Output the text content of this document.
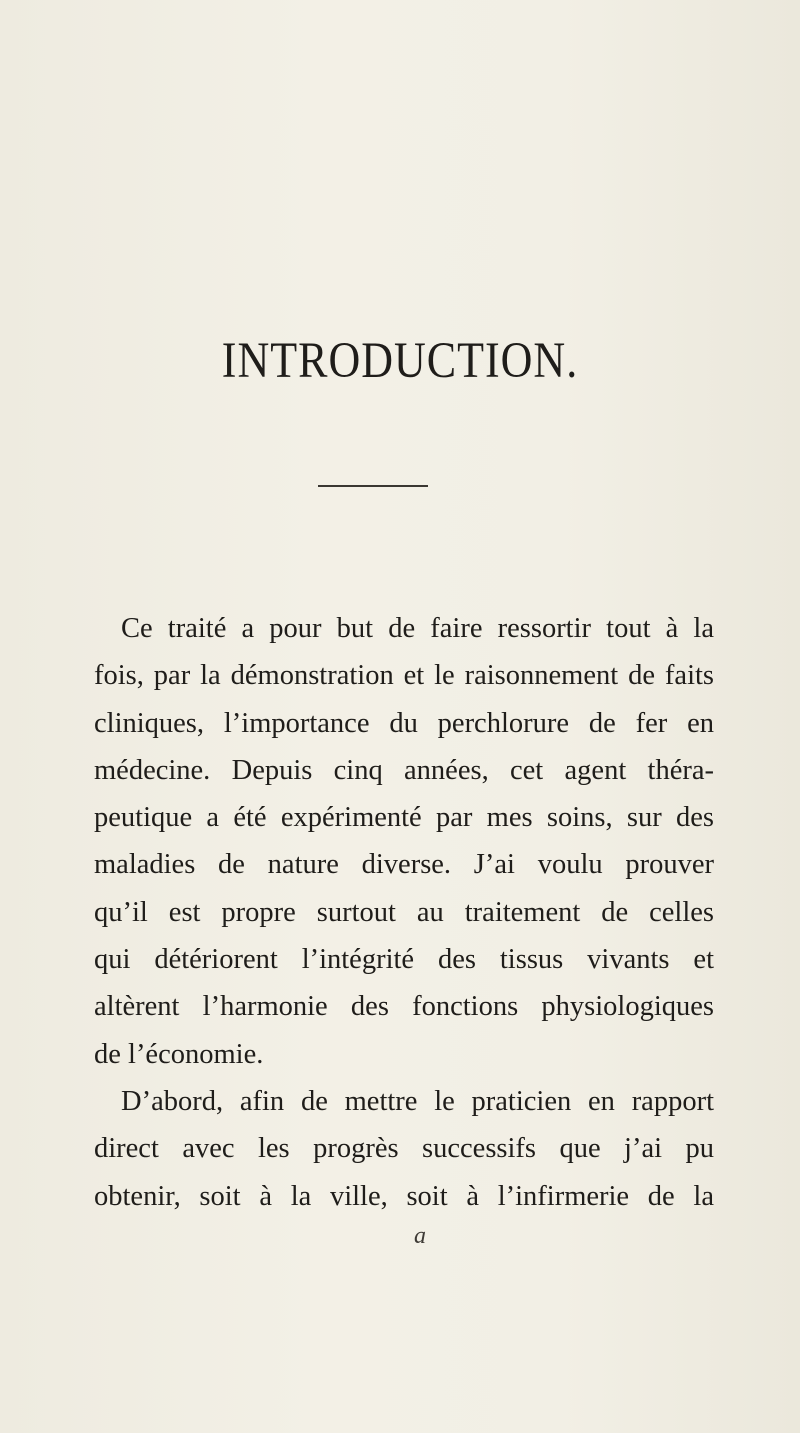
INTRODUCTION.
Ce traité a pour but de faire ressortir tout à la
fois, par la démonstration et le raisonnement de faits
cliniques, l’importance du perchlorure de fer en
médecine. Depuis cinq années, cet agent théra-
peutique a été expérimenté par mes soins, sur des
maladies de nature diverse. J’ai voulu prouver
qu’il est propre surtout au traitement de celles
qui détériorent l’intégrité des tissus vivants et
altèrent l’harmonie des fonctions physiologiques
de l’économie.
D’abord, afin de mettre le praticien en rapport
direct avec les progrès successifs que j’ai pu
obtenir, soit à la ville, soit à l’infirmerie de la
a
